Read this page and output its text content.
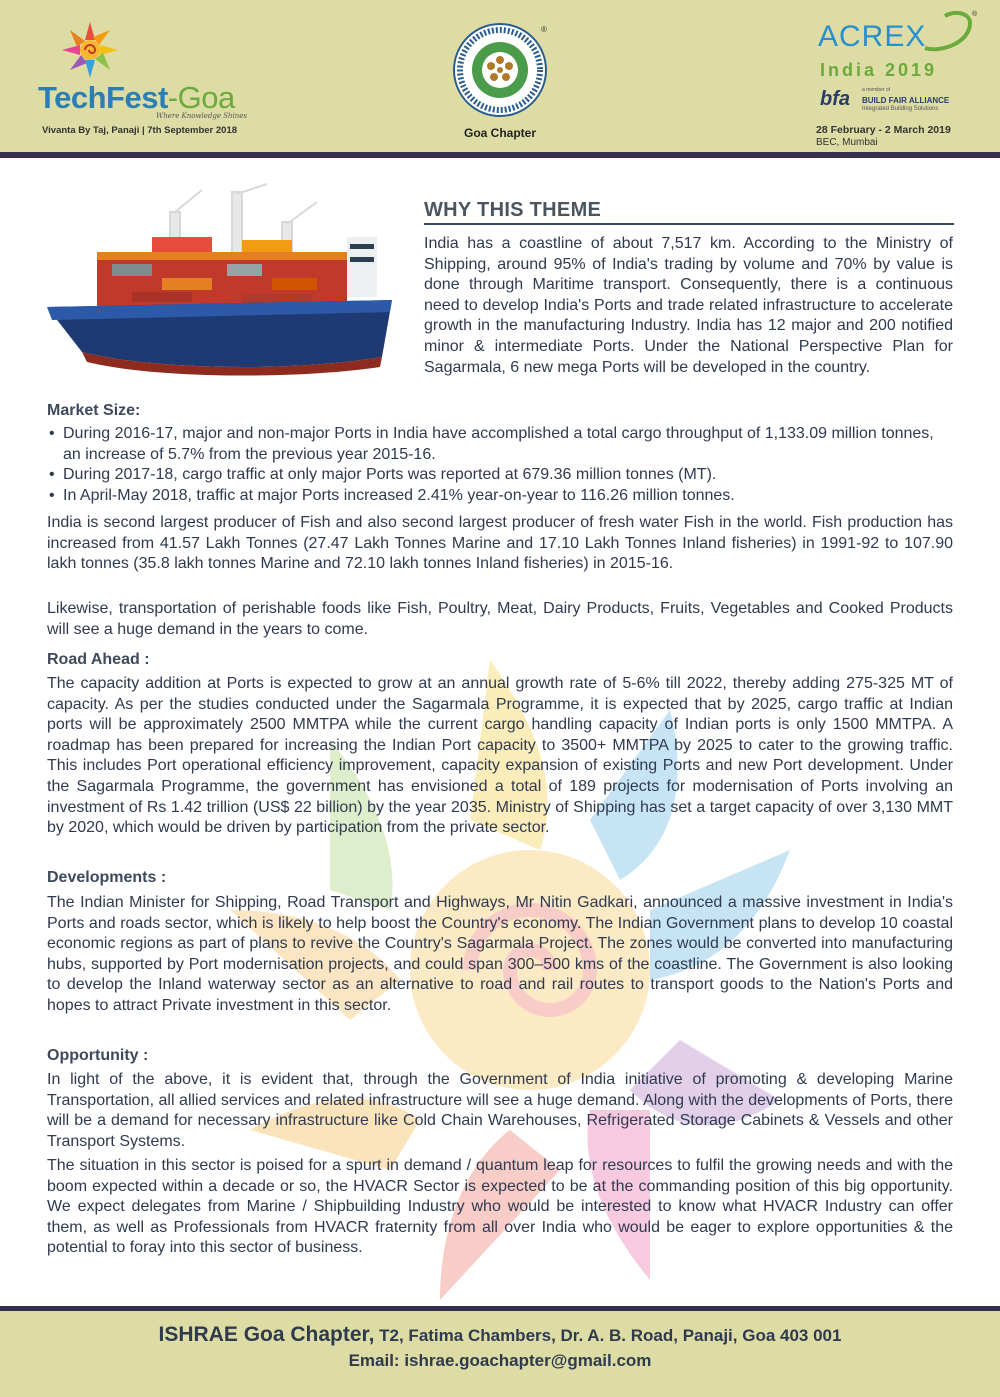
TechFest-Goa
Where Knowledge Shines
Vivanta By Taj, Panaji | 7th September 2018
®
Goa Chapter
®
ACREX
India 2019
bfa a member of
BUILD FAIR ALLIANCE
Integrated Building Solutions
28 February - 2 March 2019
BEC, Mumbai
WHY THIS THEME
India has a coastline of about 7,517 km. According to the Ministry of Shipping, around 95% of India's trading by volume and 70% by value is done through Maritime transport. Consequently, there is a continuous need to develop India's Ports and trade related infrastructure to accelerate growth in the manufacturing Industry. India has 12 major and 200 notified minor & intermediate Ports. Under the National Perspective Plan for Sagarmala, 6 new mega Ports will be developed in the country.
Market Size:
• During 2016-17, major and non-major Ports in India have accomplished a total cargo throughput of 1,133.09 million tonnes, an increase of 5.7% from the previous year 2015-16.
• During 2017-18, cargo traffic at only major Ports was reported at 679.36 million tonnes (MT).
• In April-May 2018, traffic at major Ports increased 2.41% year-on-year to 116.26 million tonnes.
India is second largest producer of Fish and also second largest producer of fresh water Fish in the world. Fish production has increased from 41.57 Lakh Tonnes (27.47 Lakh Tonnes Marine and 17.10 Lakh Tonnes Inland fisheries) in 1991-92 to 107.90 lakh tonnes (35.8 lakh tonnes Marine and 72.10 lakh tonnes Inland fisheries) in 2015-16.
Likewise, transportation of perishable foods like Fish, Poultry, Meat, Dairy Products, Fruits, Vegetables and Cooked Products will see a huge demand in the years to come.
Road Ahead :
The capacity addition at Ports is expected to grow at an annual growth rate of 5-6% till 2022, thereby adding 275-325 MT of capacity. As per the studies conducted under the Sagarmala Programme, it is expected that by 2025, cargo traffic at Indian ports will be approximately 2500 MMTPA while the current cargo handling capacity of Indian ports is only 1500 MMTPA. A roadmap has been prepared for increasing the Indian Port capacity to 3500+ MMTPA by 2025 to cater to the growing traffic. This includes Port operational efficiency improvement, capacity expansion of existing Ports and new Port development. Under the Sagarmala Programme, the government has envisioned a total of 189 projects for modernisation of Ports involving an investment of Rs 1.42 trillion (US$ 22 billion) by the year 2035. Ministry of Shipping has set a target capacity of over 3,130 MMT by 2020, which would be driven by participation from the private sector.
Developments :
The Indian Minister for Shipping, Road Transport and Highways, Mr Nitin Gadkari, announced a massive investment in India's Ports and roads sector, which is likely to help boost the Country's economy. The Indian Government plans to develop 10 coastal economic regions as part of plans to revive the Country's Sagarmala Project. The zones would be converted into manufacturing hubs, supported by Port modernisation projects, and could span 300–500 kms of the coastline. The Government is also looking to develop the Inland waterway sector as an alternative to road and rail routes to transport goods to the Nation's Ports and hopes to attract Private investment in this sector.
Opportunity :
In light of the above, it is evident that, through the Government of India initiative of promoting & developing Marine Transportation, all allied services and related infrastructure will see a huge demand. Along with the developments of Ports, there will be a demand for necessary infrastructure like Cold Chain Warehouses, Refrigerated Storage Cabinets & Vessels and other Transport Systems.
The situation in this sector is poised for a spurt in demand / quantum leap for resources to fulfil the growing needs and with the boom expected within a decade or so, the HVACR Sector is expected to be at the commanding position of this big opportunity. We expect delegates from Marine / Shipbuilding Industry who would be interested to know what HVACR Industry can offer them, as well as Professionals from HVACR fraternity from all over India who would be eager to explore opportunities & the potential to foray into this sector of business.
ISHRAE Goa Chapter, T2, Fatima Chambers, Dr. A. B. Road, Panaji, Goa 403 001
Email: ishrae.goachapter@gmail.com
